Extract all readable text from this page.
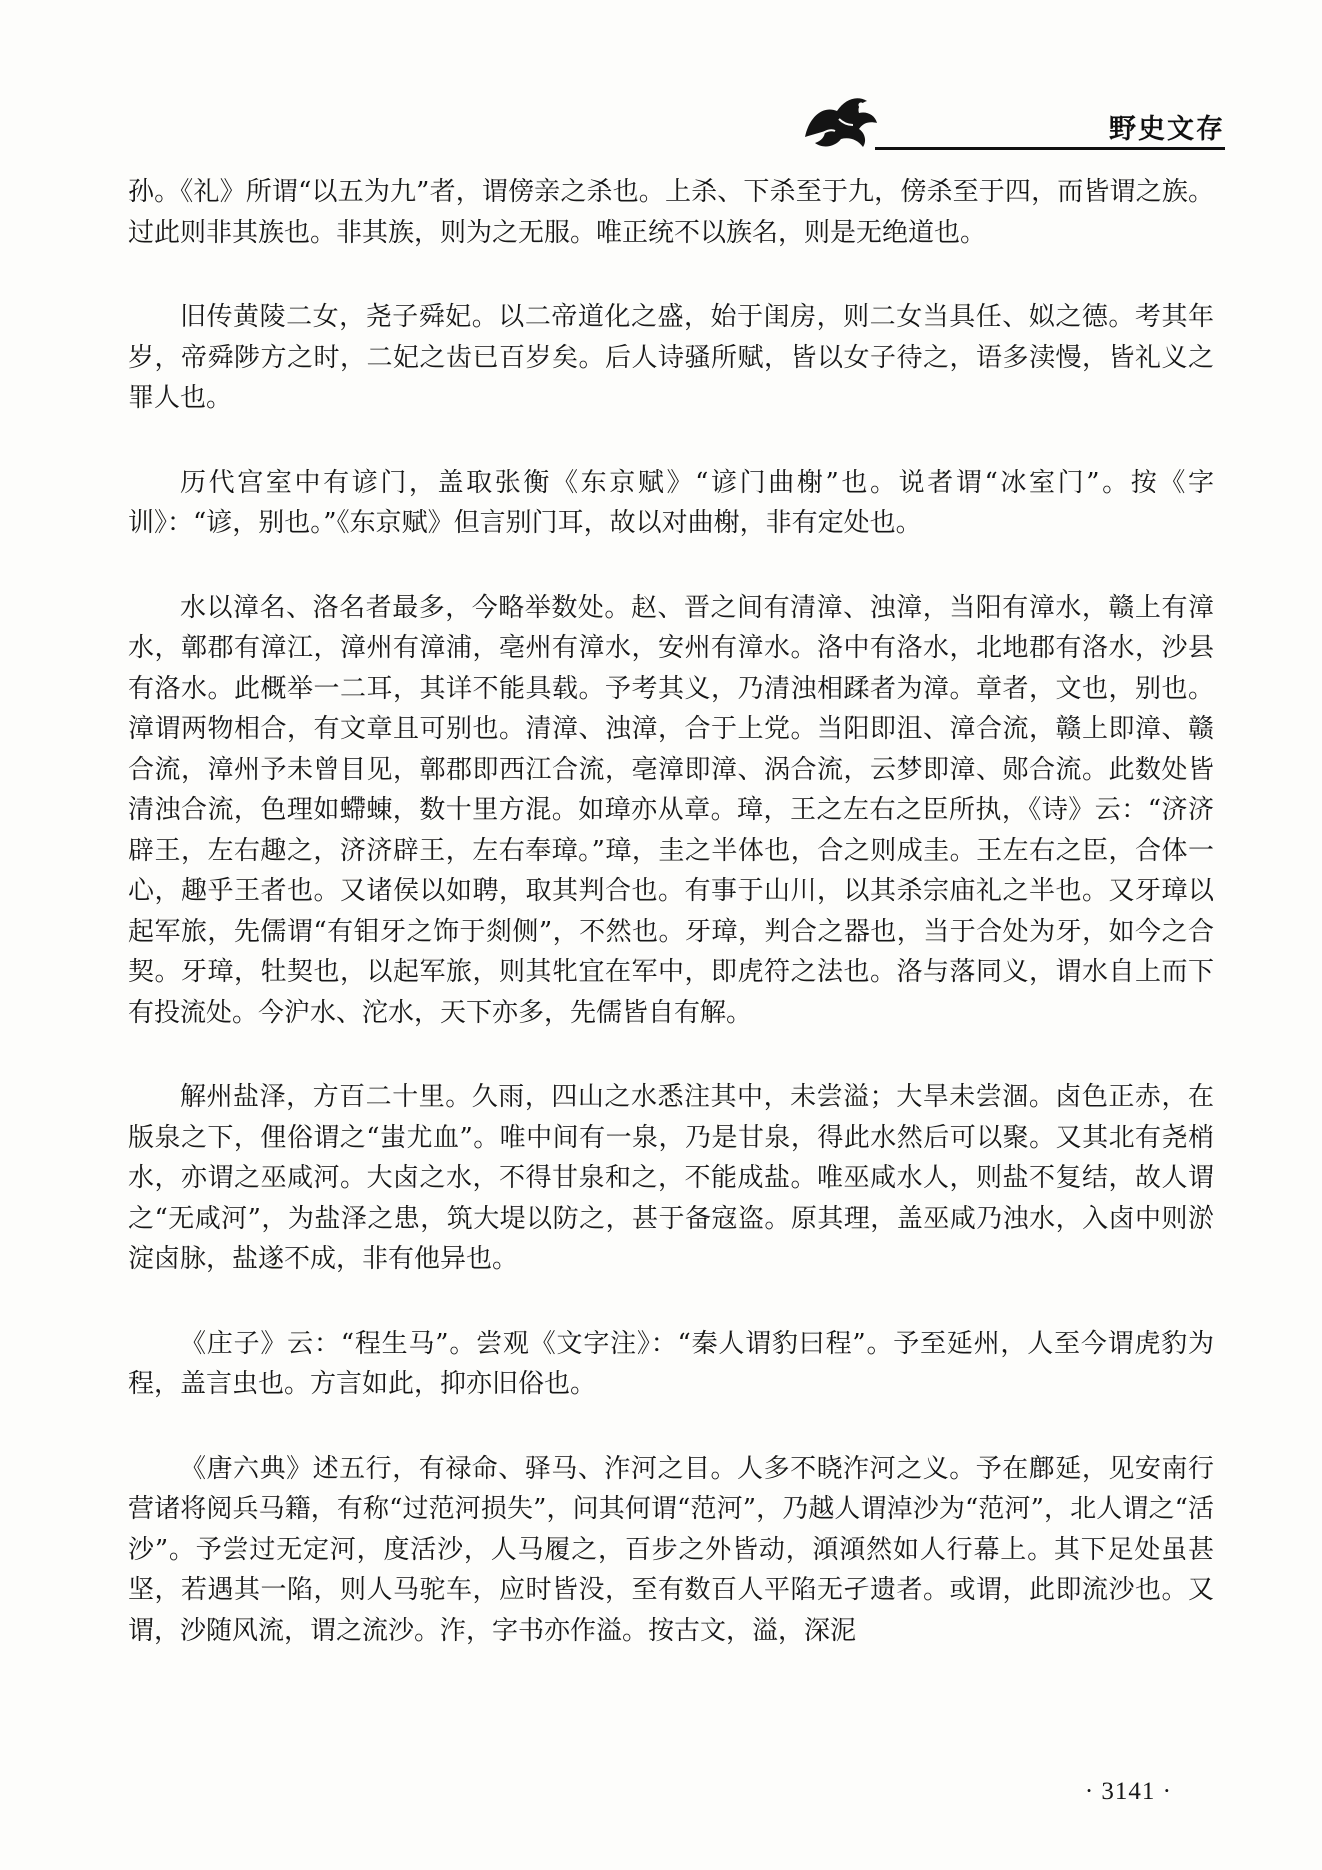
野史文存

孙。《礼》所谓“以五为九”者，谓傍亲之杀也。上杀、下杀至于九，傍杀至于四，而皆谓之族。过此则非其族也。非其族，则为之无服。唯正统不以族名，则是无绝道也。

旧传黄陵二女，尧子舜妃。以二帝道化之盛，始于闺房，则二女当具任、姒之德。考其年岁，帝舜陟方之时，二妃之齿已百岁矣。后人诗骚所赋，皆以女子待之，语多渎慢，皆礼义之罪人也。

历代宫室中有谚门，盖取张衡《东京赋》“谚门曲榭”也。说者谓“冰室门”。按《字训》：“谚，别也。”《东京赋》但言别门耳，故以对曲榭，非有定处也。

水以漳名、洛名者最多，今略举数处。赵、晋之间有清漳、浊漳，当阳有漳水，赣上有漳水，鄣郡有漳江，漳州有漳浦，亳州有漳水，安州有漳水。洛中有洛水，北地郡有洛水，沙县有洛水。此概举一二耳，其详不能具载。予考其义，乃清浊相蹂者为漳。章者，文也，别也。漳谓两物相合，有文章且可别也。清漳、浊漳，合于上党。当阳即沮、漳合流，赣上即漳、赣合流，漳州予未曾目见，鄣郡即西江合流，亳漳即漳、涡合流，云梦即漳、郧合流。此数处皆清浊合流，色理如螮蝀，数十里方混。如璋亦从章。璋，王之左右之臣所执，《诗》云：“济济辟王，左右趣之，济济辟王，左右奉璋。”璋，圭之半体也，合之则成圭。王左右之臣，合体一心，趣乎王者也。又诸侯以如聘，取其判合也。有事于山川，以其杀宗庙礼之半也。又牙璋以起军旅，先儒谓“有钼牙之饰于剡侧”，不然也。牙璋，判合之器也，当于合处为牙，如今之合契。牙璋，牡契也，以起军旅，则其牝宜在军中，即虎符之法也。洛与落同义，谓水自上而下有投流处。今沪水、沱水，天下亦多，先儒皆自有解。

解州盐泽，方百二十里。久雨，四山之水悉注其中，未尝溢；大旱未尝涸。卤色正赤，在版泉之下，俚俗谓之“蚩尤血”。唯中间有一泉，乃是甘泉，得此水然后可以聚。又其北有尧梢水，亦谓之巫咸河。大卤之水，不得甘泉和之，不能成盐。唯巫咸水人，则盐不复结，故人谓之“无咸河”，为盐泽之患，筑大堤以防之，甚于备寇盗。原其理，盖巫咸乃浊水，入卤中则淤淀卤脉，盐遂不成，非有他异也。

《庄子》云：“程生马”。尝观《文字注》：“秦人谓豹曰程”。予至延州，人至今谓虎豹为程，盖言虫也。方言如此，抑亦旧俗也。

《唐六典》述五行，有禄命、驿马、泎河之目。人多不晓泎河之义。予在鄜延，见安南行营诸将阅兵马籍，有称“过范河损失”，问其何谓“范河”，乃越人谓淖沙为“范河”，北人谓之“活沙”。予尝过无定河，度活沙，人马履之，百步之外皆动，澒澒然如人行幕上。其下足处虽甚坚，若遇其一陷，则人马驼车，应时皆没，至有数百人平陷无孑遗者。或谓，此即流沙也。又谓，沙随风流，谓之流沙。泎，字书亦作溢。按古文，溢，深泥

· 3141 ·
